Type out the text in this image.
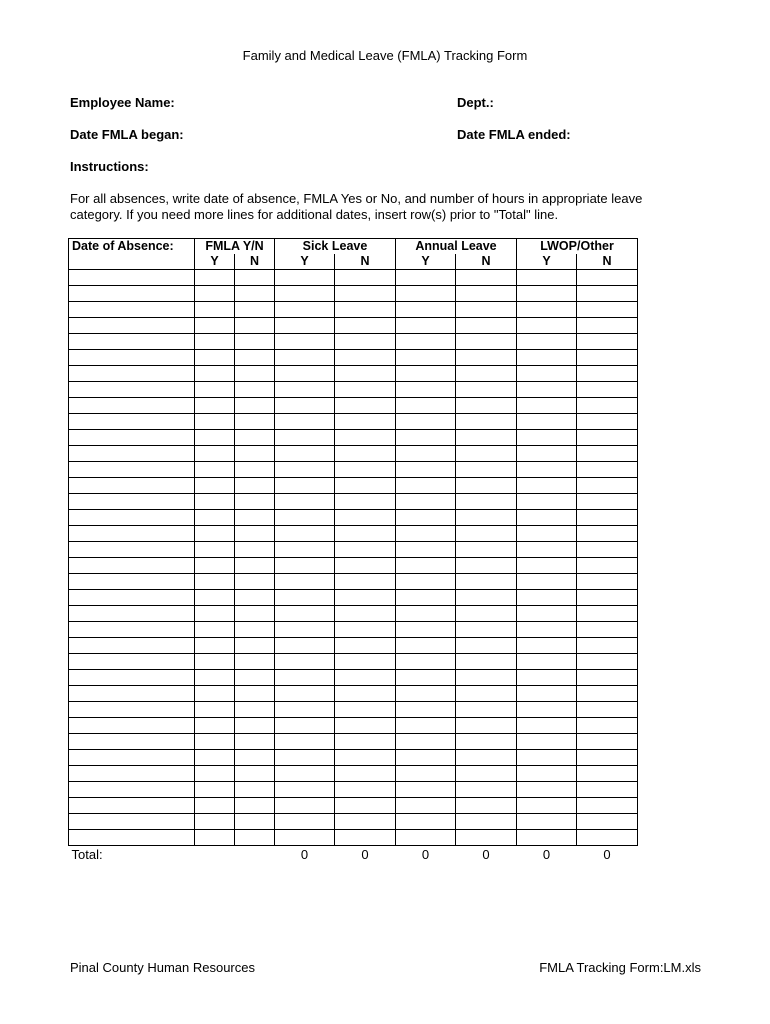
Family and Medical Leave (FMLA) Tracking Form
Employee Name:	Dept.:
Date FMLA began:	Date FMLA ended:
Instructions:
For all absences, write date of absence, FMLA Yes or No, and number of hours in appropriate leave category. If you need more lines for additional dates, insert row(s) prior to "Total" line.
Date of Absence:	FMLA Y/N		Sick Leave		Annual Leave		LWOP/Other	
	Y	N	Y	N	Y	N	Y	N

Total:			0	0	0	0	0	0
Pinal County Human Resources	FMLA Tracking Form:LM.xls
